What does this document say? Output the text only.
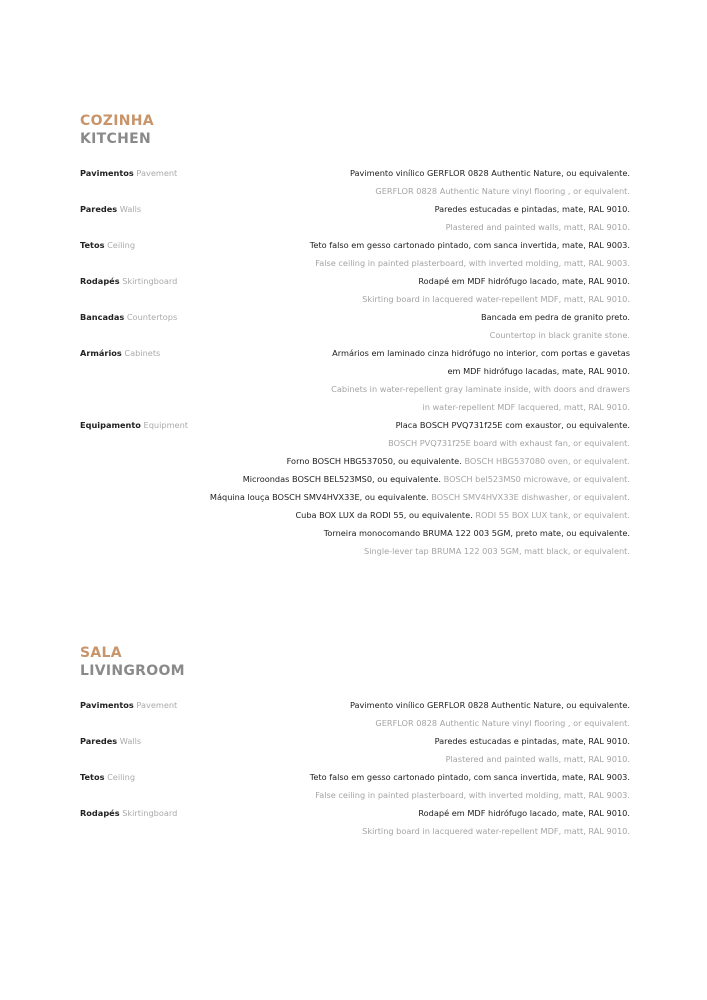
COZINHA
KITCHEN
Pavimentos Pavement	Pavimento vinílico GERFLOR 0828 Authentic Nature, ou equivalente.
GERFLOR 0828 Authentic Nature vinyl flooring , or equivalent.
Paredes Walls	Paredes estucadas e pintadas, mate, RAL 9010.
Plastered and painted walls, matt, RAL 9010.
Tetos Ceiling	Teto falso em gesso cartonado pintado, com sanca invertida, mate, RAL 9003.
False ceiling in painted plasterboard, with inverted molding, matt, RAL 9003.
Rodapés Skirtingboard	Rodapé em MDF hidrófugo lacado, mate, RAL 9010.
Skirting board in lacquered water-repellent MDF, matt, RAL 9010.
Bancadas Countertops	Bancada em pedra de granito preto.
Countertop in black granite stone.
Armários Cabinets	Armários em laminado cinza hidrófugo no interior, com portas e gavetas
em MDF hidrófugo lacadas, mate, RAL 9010.
Cabinets in water-repellent gray laminate inside, with doors and drawers
in water-repellent MDF lacquered, matt, RAL 9010.
Equipamento Equipment	Placa BOSCH PVQ731f25E com exaustor, ou equivalente.
BOSCH PVQ731f25E board with exhaust fan, or equivalent.
Forno BOSCH HBG537050, ou equivalente. BOSCH HBG537080 oven, or equivalent.
Microondas BOSCH BEL523MS0, ou equivalente. BOSCH bel523MS0 microwave, or equivalent.
Máquina louça BOSCH SMV4HVX33E, ou equivalente. BOSCH SMV4HVX33E dishwasher, or equivalent.
Cuba BOX LUX da RODI 55, ou equivalente. RODI 55 BOX LUX tank, or equivalent.
Torneira monocomando BRUMA 122 003 5GM, preto mate, ou equivalente.
Single-lever tap BRUMA 122 003 5GM, matt black, or equivalent.
SALA
LIVINGROOM
Pavimentos Pavement	Pavimento vinílico GERFLOR 0828 Authentic Nature, ou equivalente.
GERFLOR 0828 Authentic Nature vinyl flooring , or equivalent.
Paredes Walls	Paredes estucadas e pintadas, mate, RAL 9010.
Plastered and painted walls, matt, RAL 9010.
Tetos Ceiling	Teto falso em gesso cartonado pintado, com sanca invertida, mate, RAL 9003.
False ceiling in painted plasterboard, with inverted molding, matt, RAL 9003.
Rodapés Skirtingboard	Rodapé em MDF hidrófugo lacado, mate, RAL 9010.
Skirting board in lacquered water-repellent MDF, matt, RAL 9010.
